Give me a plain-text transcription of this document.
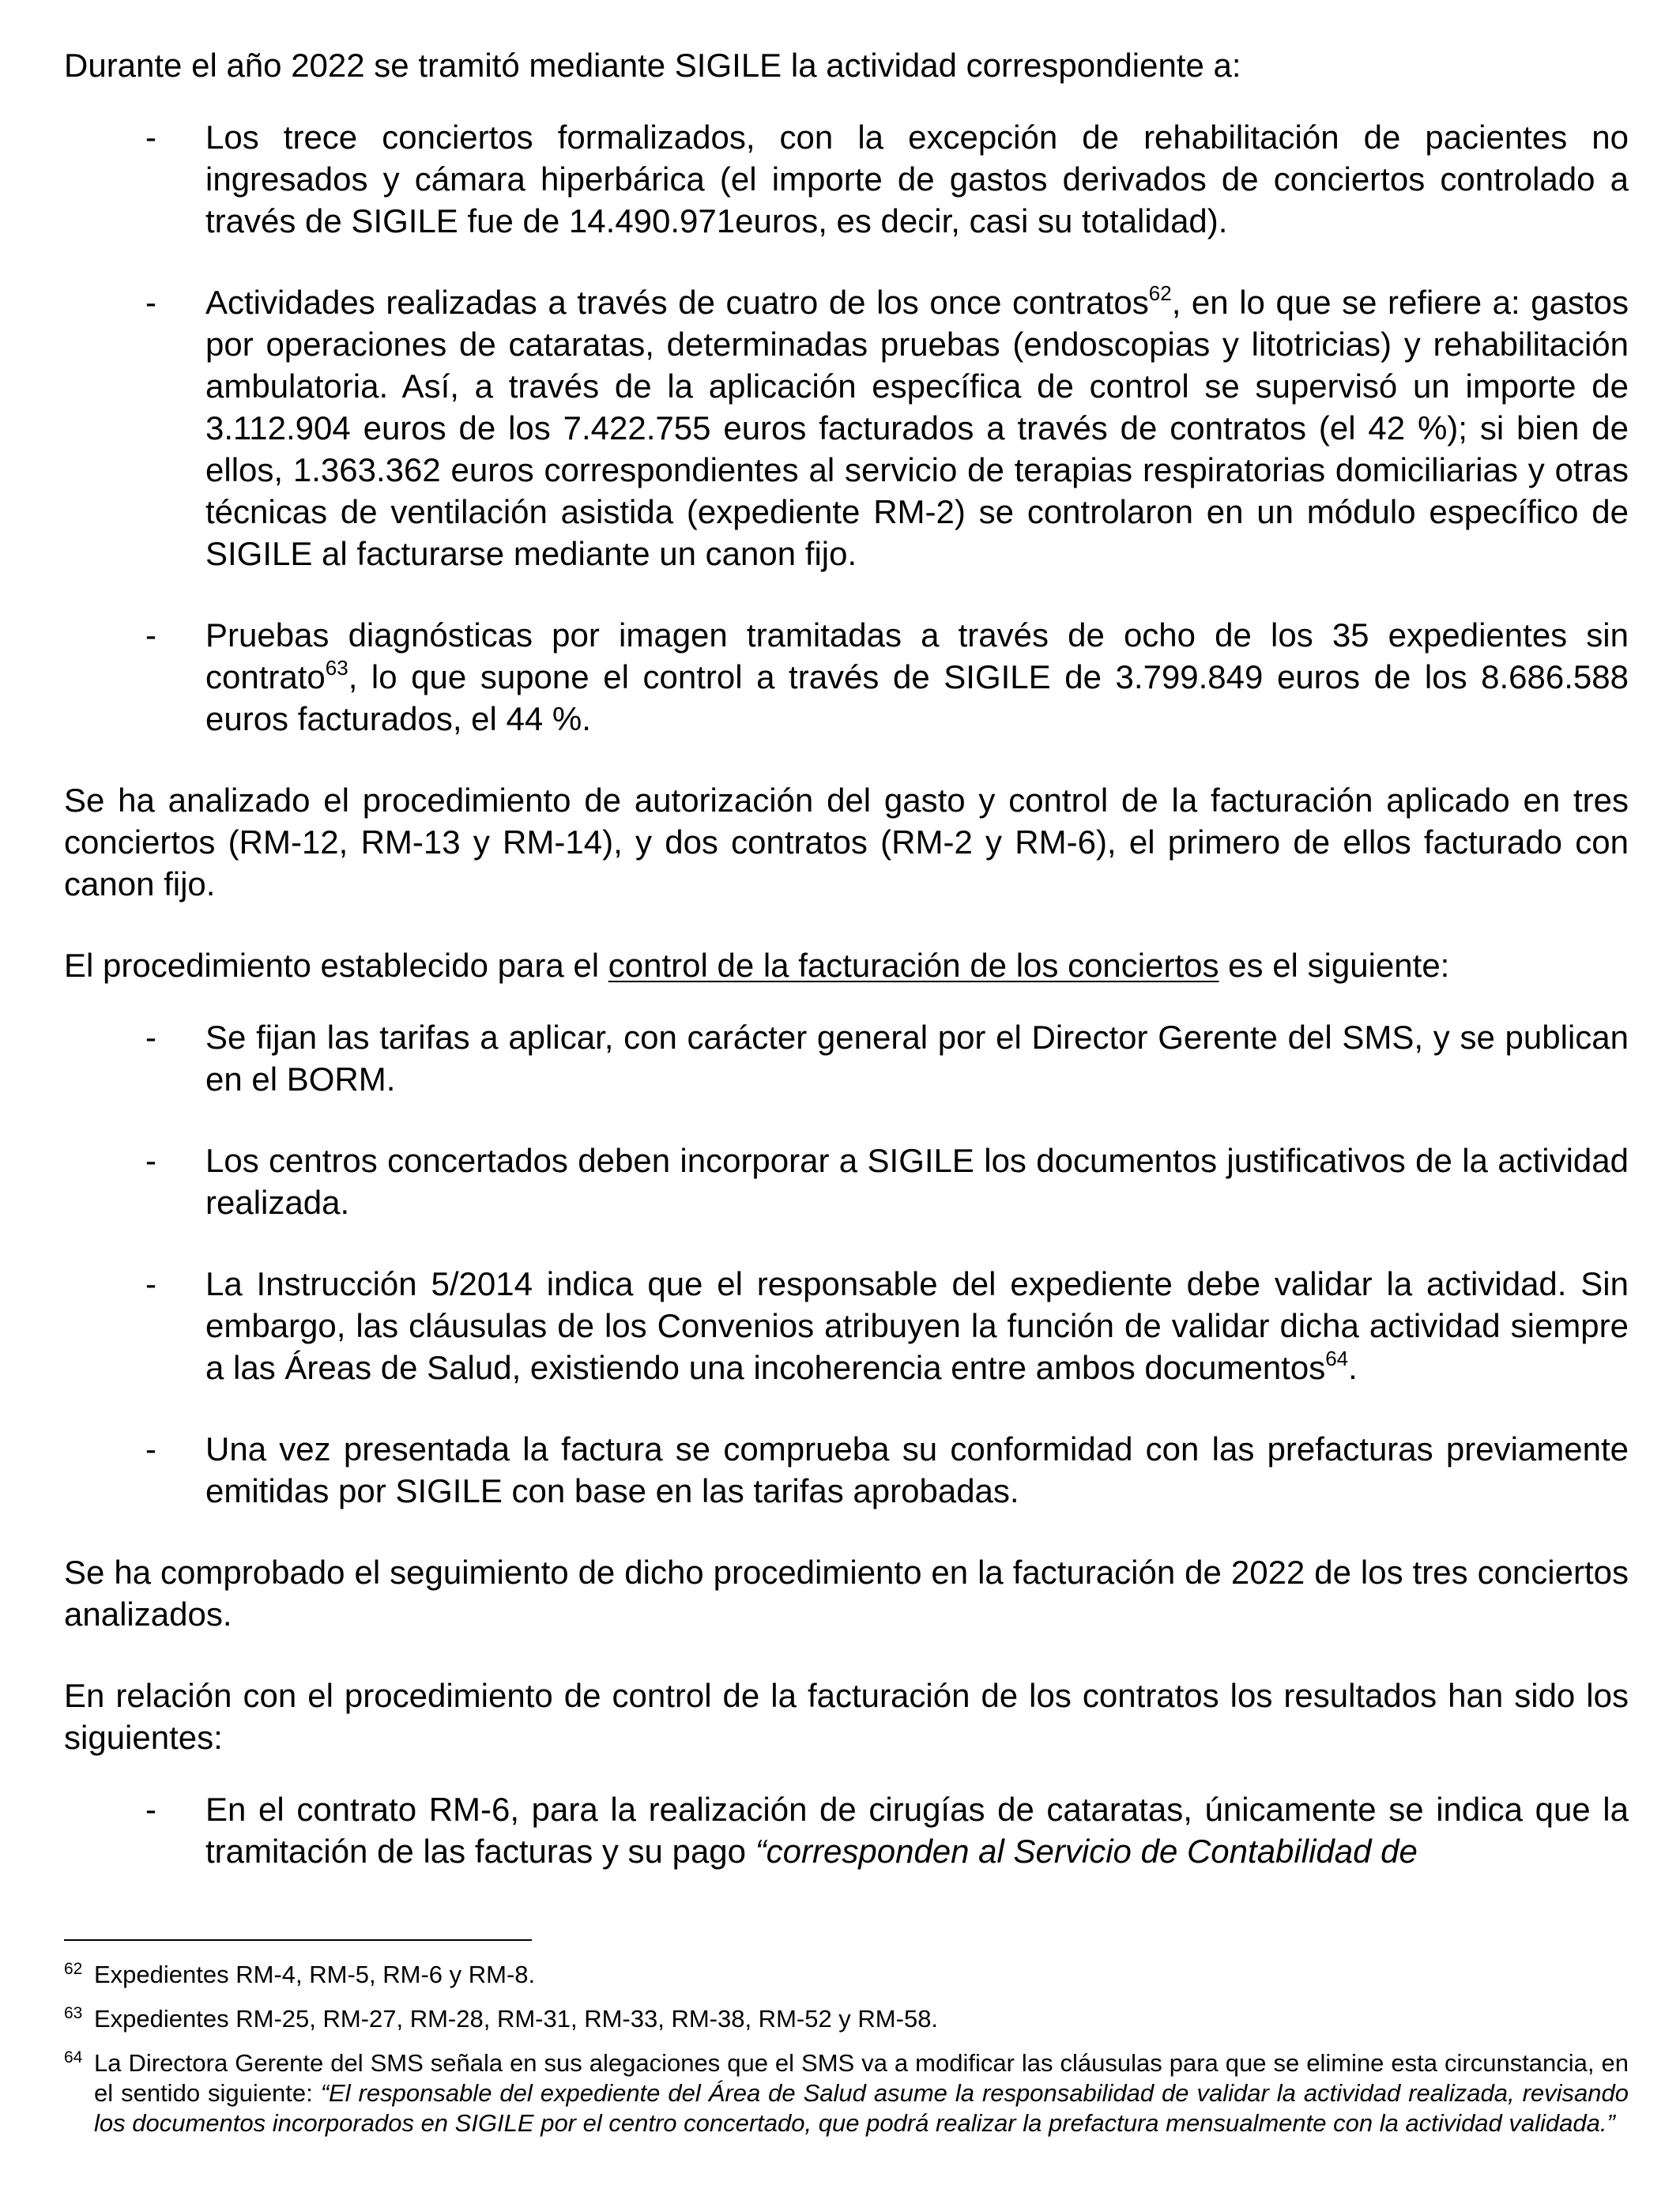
Durante el año 2022 se tramitó mediante SIGILE la actividad correspondiente a:

- Los trece conciertos formalizados, con la excepción de rehabilitación de pacientes no ingresados y cámara hiperbárica (el importe de gastos derivados de conciertos controlado a través de SIGILE fue de 14.490.971euros, es decir, casi su totalidad).
- Actividades realizadas a través de cuatro de los once contratos$^{62}$, en lo que se refiere a: gastos por operaciones de cataratas, determinadas pruebas (endoscopias y litotricias) y rehabilitación ambulatoria. Así, a través de la aplicación específica de control se supervisó un importe de 3.112.904 euros de los 7.422.755 euros facturados a través de contratos (el 42 %); si bien de ellos, 1.363.362 euros correspondientes al servicio de terapias respiratorias domiciliarias y otras técnicas de ventilación asistida (expediente RM-2) se controlaron en un módulo específico de SIGILE al facturarse mediante un canon fijo.
- Pruebas diagnósticas por imagen tramitadas a través de ocho de los 35 expedientes sin contrato$^{63}$, lo que supone el control a través de SIGILE de 3.799.849 euros de los 8.686.588 euros facturados, el 44 %.

Se ha analizado el procedimiento de autorización del gasto y control de la facturación aplicado en tres conciertos (RM-12, RM-13 y RM-14), y dos contratos (RM-2 y RM-6), el primero de ellos facturado con canon fijo.

El procedimiento establecido para el control de la facturación de los conciertos es el siguiente:

- Se fijan las tarifas a aplicar, con carácter general por el Director Gerente del SMS, y se publican en el BORM.
- Los centros concertados deben incorporar a SIGILE los documentos justificativos de la actividad realizada.
- La Instrucción 5/2014 indica que el responsable del expediente debe validar la actividad. Sin embargo, las cláusulas de los Convenios atribuyen la función de validar dicha actividad siempre a las Áreas de Salud, existiendo una incoherencia entre ambos documentos$^{64}$.
- Una vez presentada la factura se comprueba su conformidad con las prefacturas previamente emitidas por SIGILE con base en las tarifas aprobadas.

Se ha comprobado el seguimiento de dicho procedimiento en la facturación de 2022 de los tres conciertos analizados.

En relación con el procedimiento de control de la facturación de los contratos los resultados han sido los siguientes:

- En el contrato RM-6, para la realización de cirugías de cataratas, únicamente se indica que la tramitación de las facturas y su pago “corresponden al Servicio de Contabilidad de

62 Expedientes RM-4, RM-5, RM-6 y RM-8.

63 Expedientes RM-25, RM-27, RM-28, RM-31, RM-33, RM-38, RM-52 y RM-58.

64 La Directora Gerente del SMS señala en sus alegaciones que el SMS va a modificar las cláusulas para que se elimine esta circunstancia, en el sentido siguiente: “El responsable del expediente del Área de Salud asume la responsabilidad de validar la actividad realizada, revisando los documentos incorporados en SIGILE por el centro concertado, que podrá realizar la prefactura mensualmente con la actividad validada.”
